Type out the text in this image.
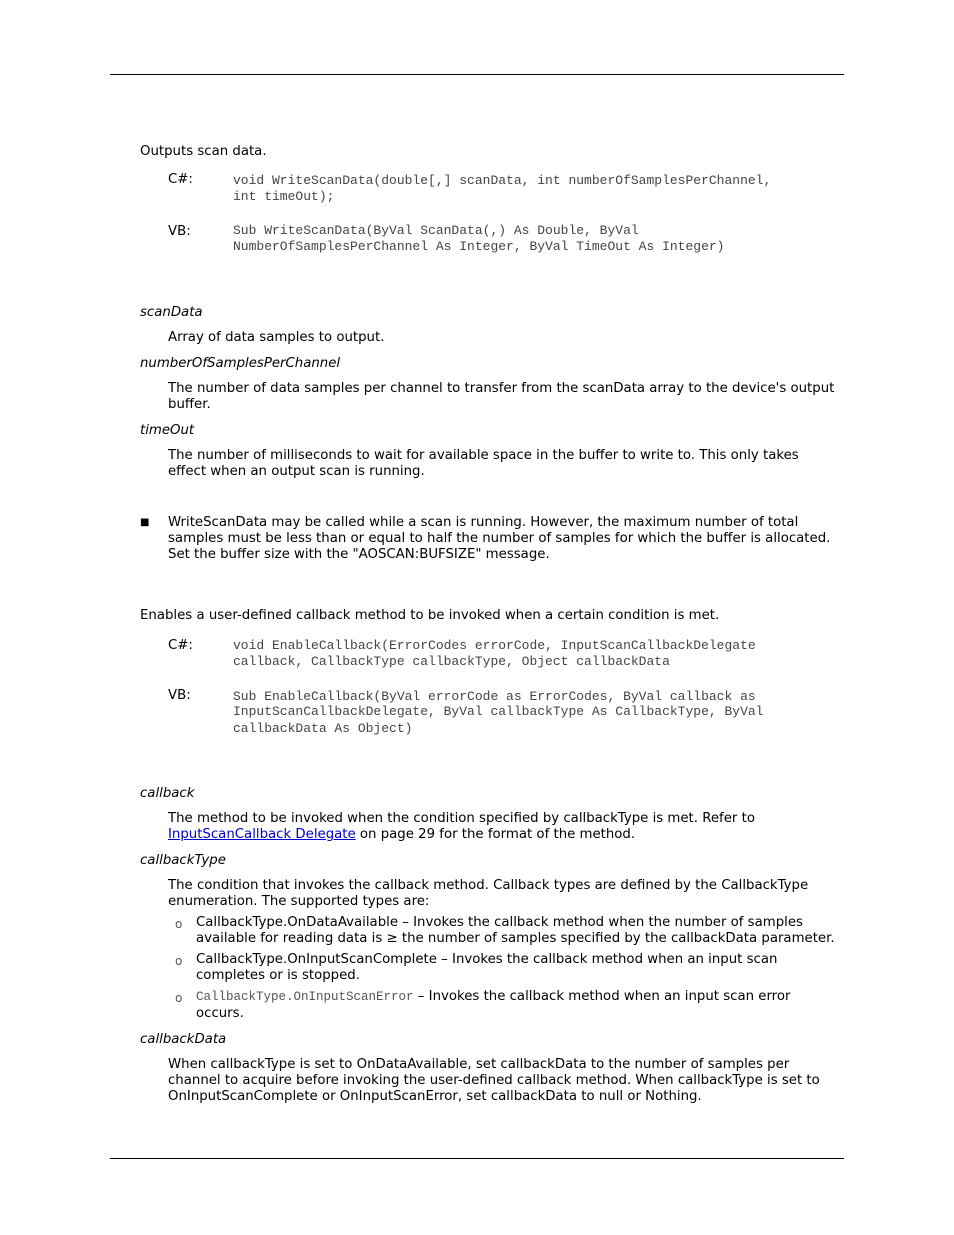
Outputs scan data.
C#:	void WriteScanData(double[,] scanData, int numberOfSamplesPerChannel,
int timeOut);
VB:	Sub WriteScanData(ByVal ScanData(,) As Double, ByVal
NumberOfSamplesPerChannel As Integer, ByVal TimeOut As Integer)
scanData
Array of data samples to output.
numberOfSamplesPerChannel
The number of data samples per channel to transfer from the scanData array to the device's output
buffer.
timeOut
The number of milliseconds to wait for available space in the buffer to write to. This only takes
effect when an output scan is running.
■ WriteScanData may be called while a scan is running. However, the maximum number of total
samples must be less than or equal to half the number of samples for which the buffer is allocated.
Set the buffer size with the "AOSCAN:BUFSIZE" message.
Enables a user-defined callback method to be invoked when a certain condition is met.
C#:	void EnableCallback(ErrorCodes errorCode, InputScanCallbackDelegate
callback, CallbackType callbackType, Object callbackData
VB:	Sub EnableCallback(ByVal errorCode as ErrorCodes, ByVal callback as
InputScanCallbackDelegate, ByVal callbackType As CallbackType, ByVal
callbackData As Object)
callback
The method to be invoked when the condition specified by callbackType is met. Refer to
InputScanCallback Delegate on page 29 for the format of the method.
callbackType
The condition that invokes the callback method. Callback types are defined by the CallbackType
enumeration. The supported types are:
o CallbackType.OnDataAvailable – Invokes the callback method when the number of samples
available for reading data is ≥ the number of samples specified by the callbackData parameter.
o CallbackType.OnInputScanComplete – Invokes the callback method when an input scan
completes or is stopped.
o CallbackType.OnInputScanError – Invokes the callback method when an input scan error
occurs.
callbackData
When callbackType is set to OnDataAvailable, set callbackData to the number of samples per
channel to acquire before invoking the user-defined callback method. When callbackType is set to
OnInputScanComplete or OnInputScanError, set callbackData to null or Nothing.
